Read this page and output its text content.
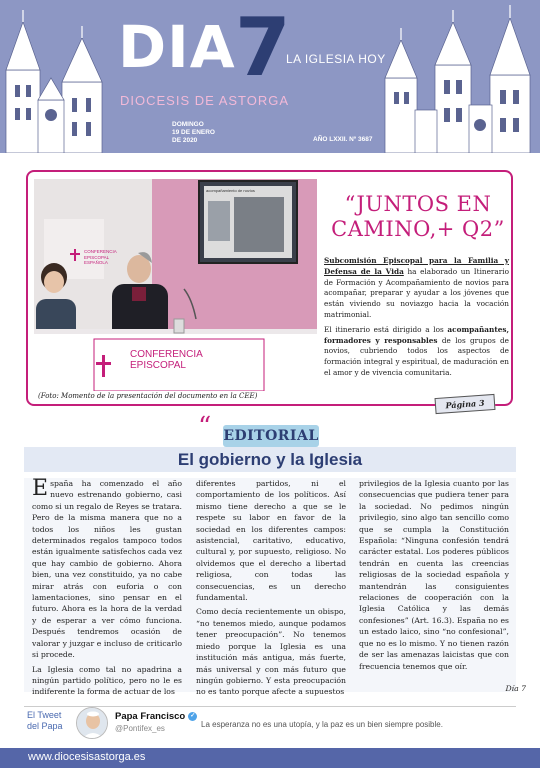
DIA 7
LA IGLESIA HOY
DIOCESIS DE ASTORGA
DOMINGO
19 DE ENERO
DE 2020	AÑO LXXII. Nº 3687
CONFERENCIA
EPISCOPAL
CONFERENCIA
EPISCOPAL
ESPAÑOLA
acompañamiento de novios
(Foto: Momento de la presentación del documento en la CEE)
“JUNTOS EN CAMINO,+ Q2”

Subcomisión Episcopal para la Familia y Defensa de la Vida ha elaborado un Itinerario de Formación y Acompañamiento de novios para acompañar, preparar y ayudar a los jóvenes que están viviendo su noviazgo hacia la vocación matrimonial.

El itinerario está dirigido a los acompañantes, formadores y responsables de los grupos de novios, cubriendo todos los aspectos de formación integral y espiritual, de maduración en el amor y de vivencia comunitaria.

Página 3
“ EDITORIAL
El gobierno y la Iglesia

España ha comenzado el año nuevo estrenando gobierno, casi como si un regalo de Reyes se tratara. Pero de la misma manera que no a todos los niños les gustan determinados regalos tampoco todos están igualmente satisfechos cada vez que hay cambio de gobierno. Ahora bien, una vez constituido, ya no cabe mirar atrás con euforia o con lamentaciones, sino pensar en el futuro. Ahora es la hora de la verdad y de esperar a ver cómo funciona. Después tendremos ocasión de valorar y juzgar e incluso de criticarlo si procede.

La Iglesia como tal no apadrina a ningún partido político, pero no le es indiferente la forma de actuar de los

diferentes partidos, ni el comportamiento de los políticos. Así mismo tiene derecho a que se le respete su labor en favor de la sociedad en los diferentes campos: asistencial, caritativo, educativo, cultural y, por supuesto, religioso. No olvidemos que el derecho a libertad religiosa, con todas las consecuencias, es un derecho fundamental.

Como decía recientemente un obispo, “no tenemos miedo, aunque podamos tener preocupación”. No tenemos miedo porque la Iglesia es una institución más antigua, más fuerte, más universal y con más futuro que ningún gobierno. Y esta preocupación no es tanto porque afecte a supuestos

privilegios de la Iglesia cuanto por las consecuencias que pudiera tener para la sociedad. No pedimos ningún privilegio, sino algo tan sencillo como que se cumpla la Constitución Española: “Ninguna confesión tendrá carácter estatal. Los poderes públicos tendrán en cuenta las creencias religiosas de la sociedad española y mantendrán las consiguientes relaciones de cooperación con la Iglesia Católica y las demás confesiones” (Art. 16.3). España no es un estado laico, sino “no confesional”, que no es lo mismo. Y no tienen razón de ser las amenazas laicistas que con frecuencia tenemos que oír.

Día 7
El Tweet del Papa
Papa Francisco ✓
@Pontifex_es	La esperanza no es una utopía, y la paz es un bien siempre posible.
www.diocesisastorga.es
